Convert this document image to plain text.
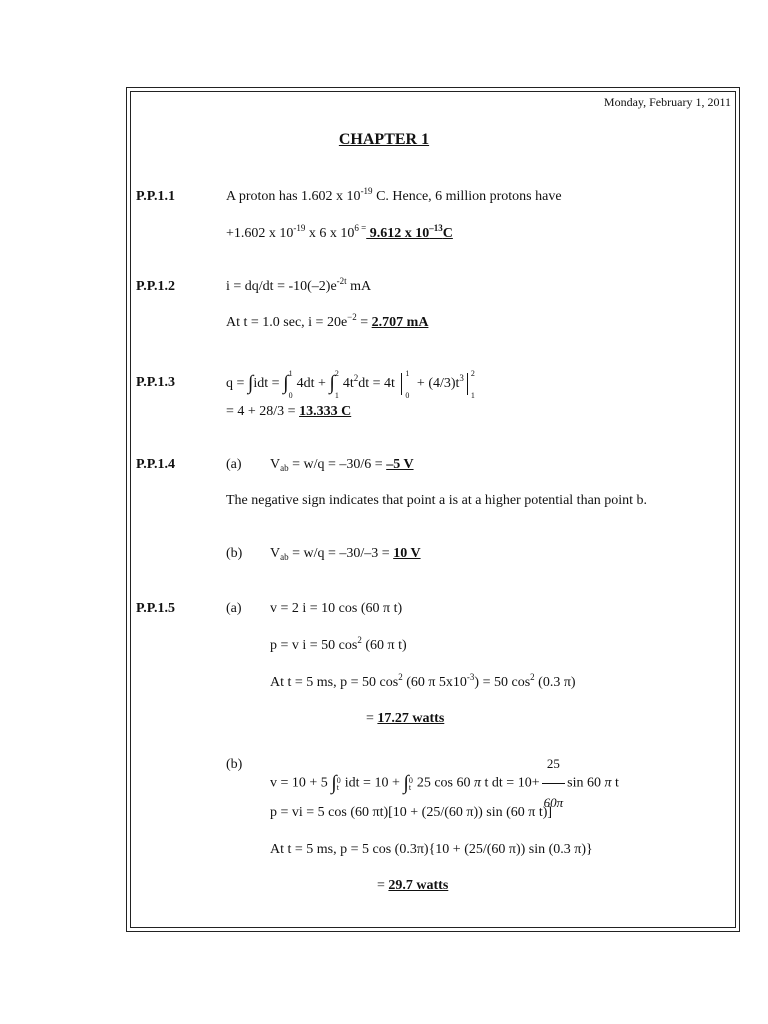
Monday, February 1, 2011
CHAPTER 1
P.P.1.1	A proton has 1.602 x $10^{-19}$ C. Hence, 6 million protons have
+1.602 x $10^{-19}$ x 6 x $10^{6 =}$ 9.612 x $10^{-13}C$
P.P.1.2	$i = dq/dt = -10(-2)e^{-2t}$ mA
At t = 1.0 sec, $i = 20e^{-2} = 2.707$ mA
P.P.1.3	q = ∫idt = ∫ 1
0
4dt + ∫ 2
1
$4t^2dt = 4t$
1
0
+ $(4/3)t^3$ 2
1
= 4 + 28/3 = 13.333 C
P.P.1.4	(a) $V_{ab} = w/q = -30/6 = -5$ V
The negative sign indicates that point a is at a higher potential than point b.
(b) $V_{ab} = w/q = -30/-3 = 10$ V
P.P.1.5	(a) v = 2 i = 10 cos (60 π t)
p = v i = 50 $\cos^2 (60$ π t)
At t = 5 ms, p = 50 $\cos^2 (60$ π $5x10^{-3}) = 50$ $\cos^2 (0.3$ π)
= 17.27 watts
(b)
v = 10 + 5 ∫ t
0 idt = 10 + ∫ t
0 25 cos 60 π t dt = $10+ \frac{25}{60\pi}$ sin 60 π t
p = vi = 5 cos (60 πt)[10 + (25/(60 π)) sin (60 π t)]
At t = 5 ms, p = 5 cos (0.3π){10 + (25/(60 π)) sin (0.3 π)}
= 29.7 watts
